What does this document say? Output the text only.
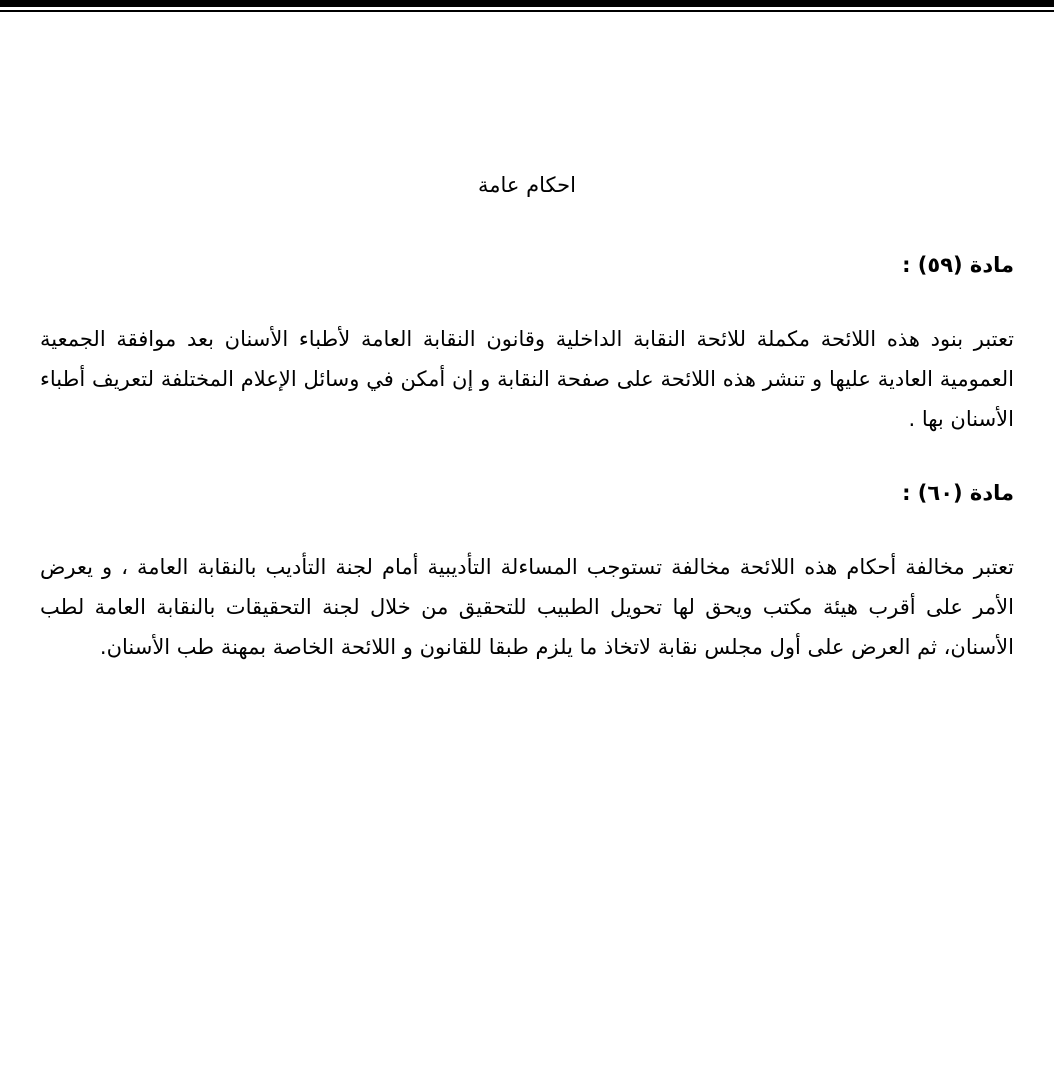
احكام عامة
مادة (٥٩) :
تعتبر بنود هذه اللائحة مكملة للائحة النقابة الداخلية وقانون النقابة العامة لأطباء الأسنان بعد موافقة الجمعية العمومية العادية عليها و تنشر هذه اللائحة على صفحة النقابة و إن أمكن في وسائل الإعلام المختلفة لتعريف أطباء الأسنان بها .
مادة (٦٠) :
تعتبر مخالفة أحكام هذه اللائحة مخالفة تستوجب المساءلة التأديبية أمام لجنة التأديب بالنقابة العامة ، و يعرض الأمر على أقرب هيئة مكتب ويحق لها تحويل الطبيب للتحقيق من خلال لجنة التحقيقات بالنقابة العامة لطب الأسنان، ثم العرض على أول مجلس نقابة لاتخاذ ما يلزم طبقا للقانون و اللائحة الخاصة بمهنة طب الأسنان.
